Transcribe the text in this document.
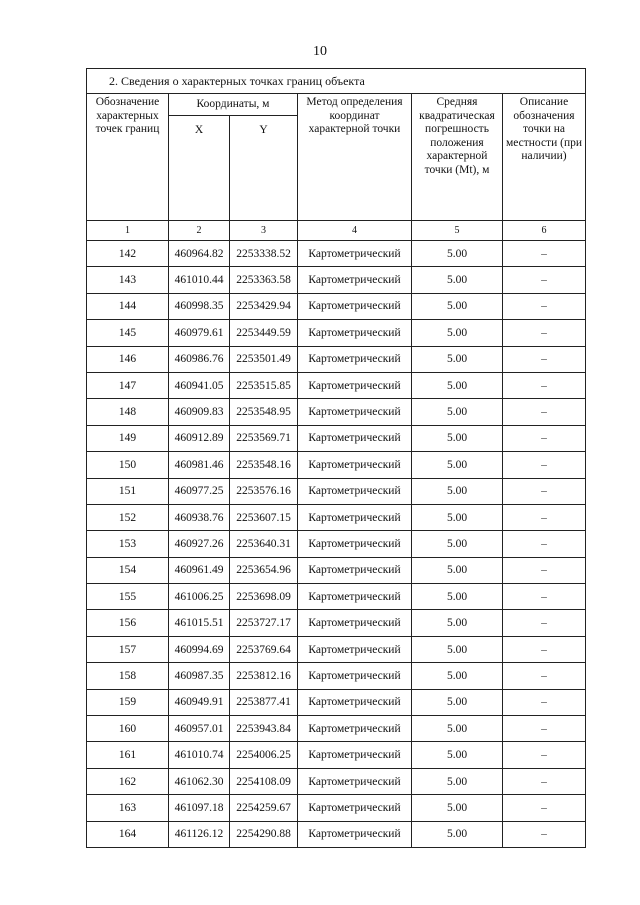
10
2. Сведения о характерных точках границ объекта					
Обозначение характерных точек границ	Координаты, м		Метод определения координат характерной точки	Средняя квадратическая погрешность положения характерной точки (Mt), м	Описание обозначения точки на местности (при наличии)
	X	Y			
1	2	3	4	5	6
142	460964.82	2253338.52	Картометрический	5.00	–
143	461010.44	2253363.58	Картометрический	5.00	–
144	460998.35	2253429.94	Картометрический	5.00	–
145	460979.61	2253449.59	Картометрический	5.00	–
146	460986.76	2253501.49	Картометрический	5.00	–
147	460941.05	2253515.85	Картометрический	5.00	–
148	460909.83	2253548.95	Картометрический	5.00	–
149	460912.89	2253569.71	Картометрический	5.00	–
150	460981.46	2253548.16	Картометрический	5.00	–
151	460977.25	2253576.16	Картометрический	5.00	–
152	460938.76	2253607.15	Картометрический	5.00	–
153	460927.26	2253640.31	Картометрический	5.00	–
154	460961.49	2253654.96	Картометрический	5.00	–
155	461006.25	2253698.09	Картометрический	5.00	–
156	461015.51	2253727.17	Картометрический	5.00	–
157	460994.69	2253769.64	Картометрический	5.00	–
158	460987.35	2253812.16	Картометрический	5.00	–
159	460949.91	2253877.41	Картометрический	5.00	–
160	460957.01	2253943.84	Картометрический	5.00	–
161	461010.74	2254006.25	Картометрический	5.00	–
162	461062.30	2254108.09	Картометрический	5.00	–
163	461097.18	2254259.67	Картометрический	5.00	–
164	461126.12	2254290.88	Картометрический	5.00	–
